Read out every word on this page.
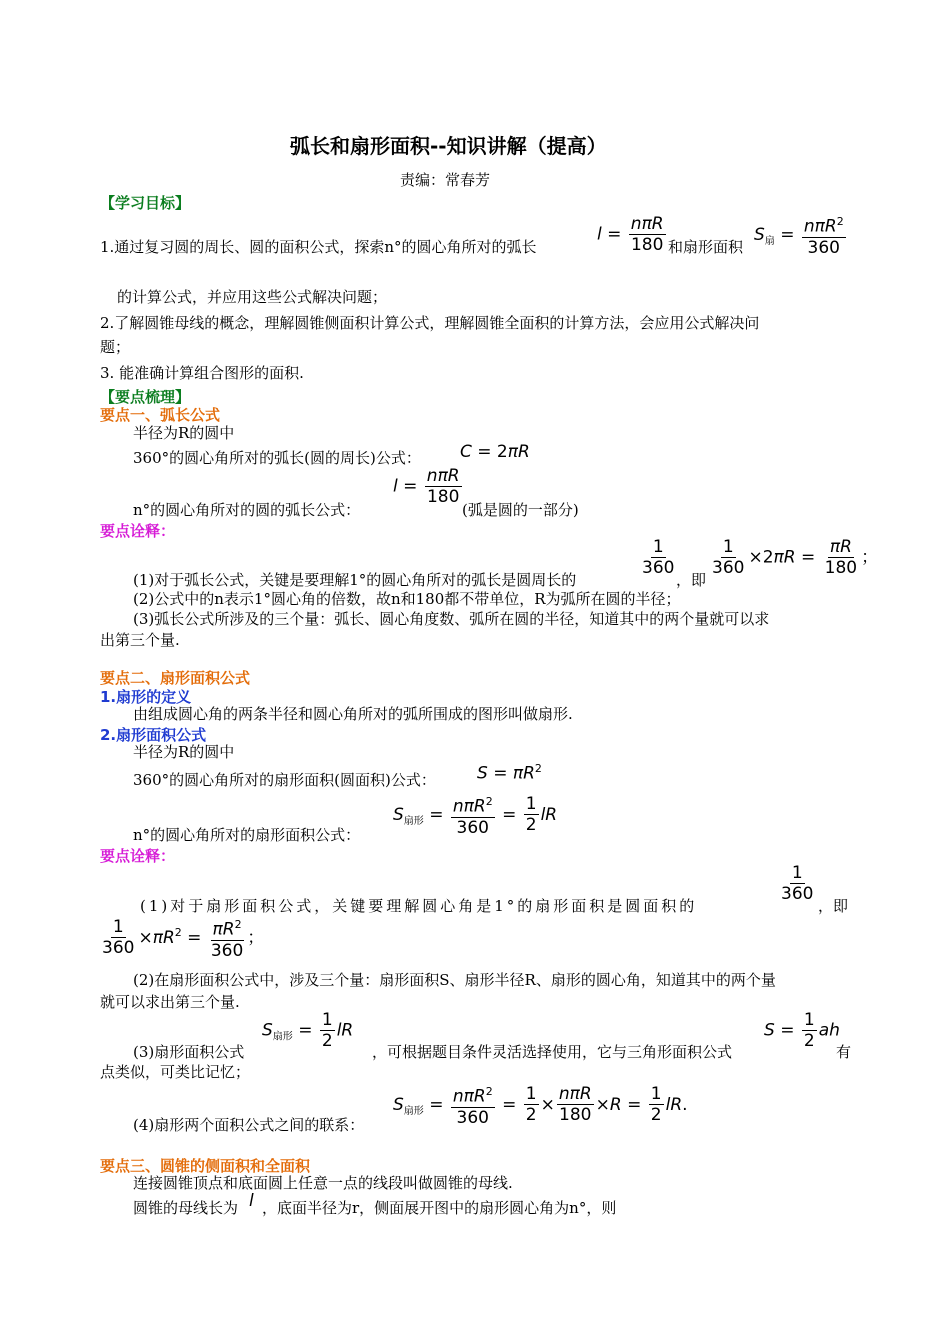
弧长和扇形面积--知识讲解（提高）
责编：常春芳
【学习目标】
1.通过复习圆的周长、圆的面积公式，探索n°的圆心角所对的弧长
$l = \frac{\text{nπR}}{180}$ 和扇形面积
$S_扇 = \frac{n\pi R^2}{360}$
的计算公式，并应用这些公式解决问题；
2.了解圆锥母线的概念，理解圆锥侧面积计算公式，理解圆锥全面积的计算方法，会应用公式解决问
题；
3. 能准确计算组合图形的面积.
【要点梳理】
要点一、弧长公式
半径为R的圆中
360°的圆心角所对的弧长(圆的周长)公式： C = 2πR
n°的圆心角所对的圆的弧长公式：
$l = \frac{\text{nπR}}{180}$
(弧是圆的一部分)
要点诠释：
(1)对于弧长公式，关键是要理解1°的圆心角所对的弧长是圆周长的
$\frac{1}{360}$
，即
$\frac{1}{360} \times 2\pi R = \frac{\pi R}{180}$ ；
(2)公式中的n表示1°圆心角的倍数，故n和180都不带单位，R为弧所在圆的半径；
(3)弧长公式所涉及的三个量：弧长、圆心角度数、弧所在圆的半径，知道其中的两个量就可以求
出第三个量.
要点二、扇形面积公式
1.扇形的定义
由组成圆心角的两条半径和圆心角所对的弧所围成的图形叫做扇形.
2.扇形面积公式
半径为R的圆中
360°的圆心角所对的扇形面积(圆面积)公式： $S = \pi R^2$
n°的圆心角所对的扇形面积公式：
$S_{扇形} = \frac{n\pi R^2}{360} = \frac{1}{2}$ lR
要点诠释：
(1)对于扇形面积公式，关键要理解圆心角是1°的扇形面积是圆面积的
$\frac{1}{360}$
，即
$\frac{1}{360} \times\pi R^2 = \frac{\pi R^2}{360}$ ；
(2)在扇形面积公式中，涉及三个量：扇形面积S、扇形半径R、扇形的圆心角，知道其中的两个量
就可以求出第三个量.
(3)扇形面积公式
$S_{扇形} = \frac{1}{2}$ lR
，可根据题目条件灵活选择使用，它与三角形面积公式
$S = \frac{1}{2}$ ah
有
点类似，可类比记忆；
(4)扇形两个面积公式之间的联系：
$S_{扇形} = \frac{n\pi R^2}{360} = \frac{1}{2} \times \frac{\text{nπR}}{180} \times R = \frac{1}{2}$ lR.
要点三、圆锥的侧面积和全面积
连接圆锥顶点和底面圆上任意一点的线段叫做圆锥的母线.
圆锥的母线长为 l ，底面半径为r，侧面展开图中的扇形圆心角为n°，则
